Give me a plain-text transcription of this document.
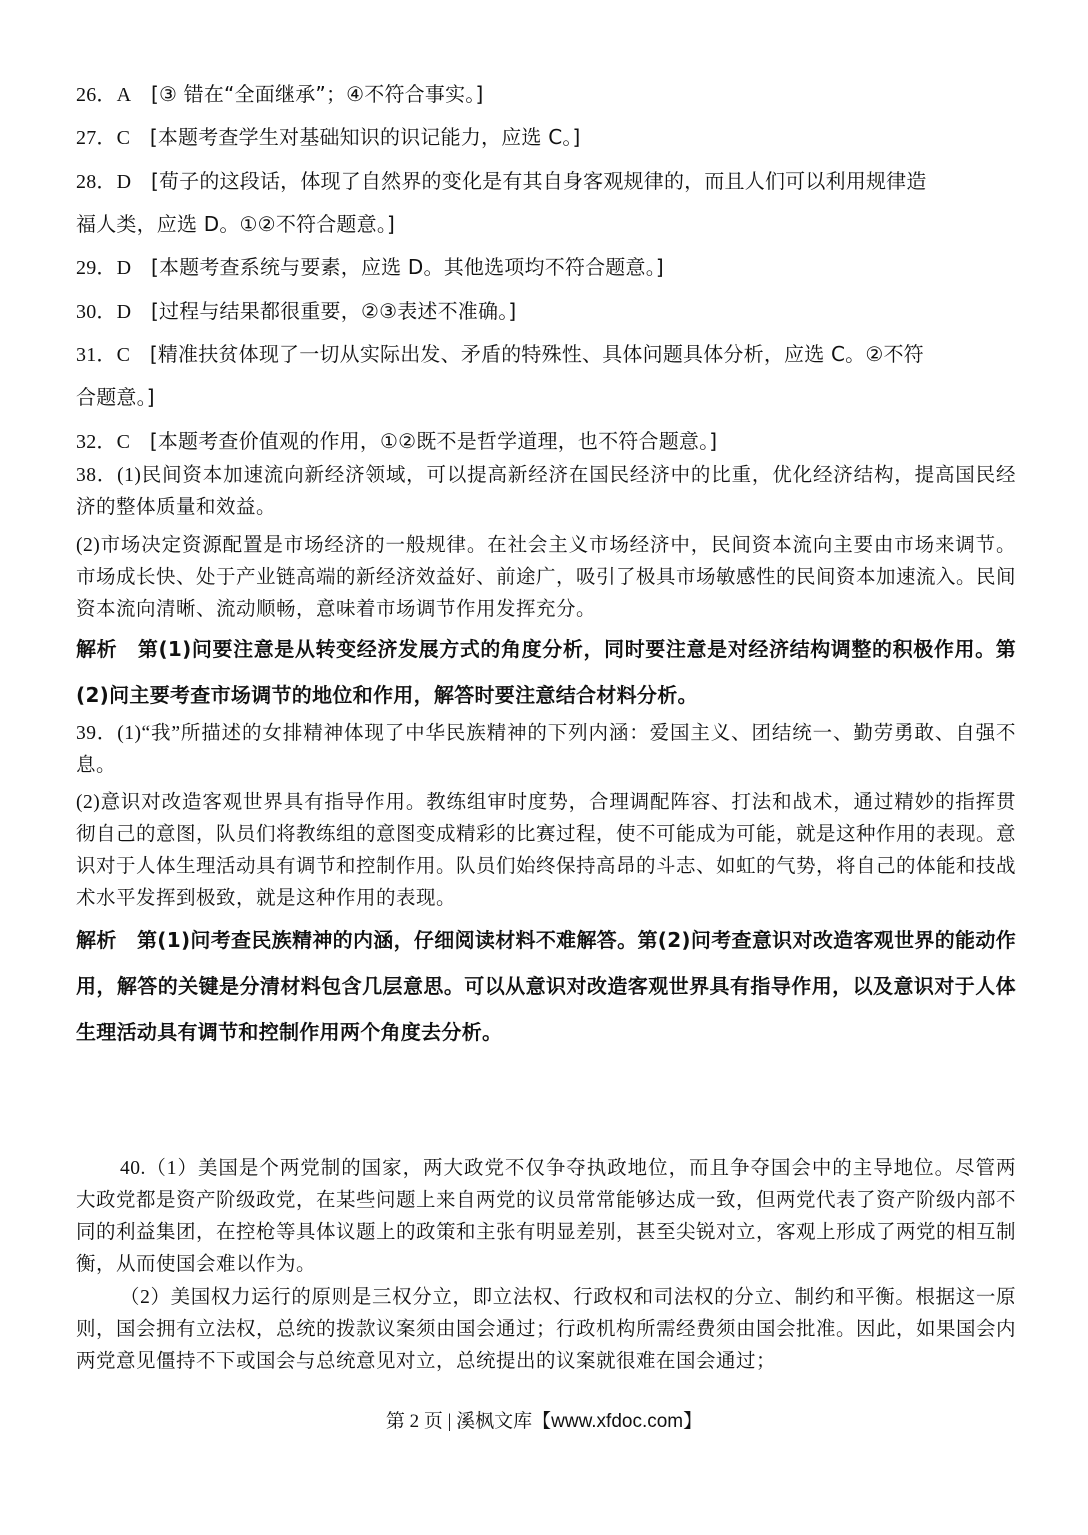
26．A [③ 错在“全面继承”；④不符合事实。]
27．C [本题考查学生对基础知识的识记能力，应选 C。]
28．D [荀子的这段话，体现了自然界的变化是有其自身客观规律的，而且人们可以利用规律造
福人类，应选 D。①②不符合题意。]
29．D [本题考查系统与要素，应选 D。其他选项均不符合题意。]
30．D [过程与结果都很重要，②③表述不准确。]
31．C [精准扶贫体现了一切从实际出发、矛盾的特殊性、具体问题具体分析，应选 C。②不符
合题意。]
32．C [本题考查价值观的作用，①②既不是哲学道理，也不符合题意。]
38．(1)民间资本加速流向新经济领域，可以提高新经济在国民经济中的比重，优化经济结构，提高国民经济的整体质量和效益。
(2)市场决定资源配置是市场经济的一般规律。在社会主义市场经济中，民间资本流向主要由市场来调节。市场成长快、处于产业链高端的新经济效益好、前途广，吸引了极具市场敏感性的民间资本加速流入。民间资本流向清晰、流动顺畅，意味着市场调节作用发挥充分。
解析　第(1)问要注意是从转变经济发展方式的角度分析，同时要注意是对经济结构调整的积极作用。第(2)问主要考查市场调节的地位和作用，解答时要注意结合材料分析。
39．(1)“我”所描述的女排精神体现了中华民族精神的下列内涵：爱国主义、团结统一、勤劳勇敢、自强不息。
(2)意识对改造客观世界具有指导作用。教练组审时度势，合理调配阵容、打法和战术，通过精妙的指挥贯彻自己的意图，队员们将教练组的意图变成精彩的比赛过程，使不可能成为可能，就是这种作用的表现。意识对于人体生理活动具有调节和控制作用。队员们始终保持高昂的斗志、如虹的气势，将自己的体能和技战术水平发挥到极致，就是这种作用的表现。
解析　第(1)问考查民族精神的内涵，仔细阅读材料不难解答。第(2)问考查意识对改造客观世界的能动作用，解答的关键是分清材料包含几层意思。可以从意识对改造客观世界具有指导作用，以及意识对于人体生理活动具有调节和控制作用两个角度去分析。
40.（1）美国是个两党制的国家，两大政党不仅争夺执政地位，而且争夺国会中的主导地位。尽管两大政党都是资产阶级政党，在某些问题上来自两党的议员常常能够达成一致，但两党代表了资产阶级内部不同的利益集团，在控枪等具体议题上的政策和主张有明显差别，甚至尖锐对立，客观上形成了两党的相互制衡，从而使国会难以作为。
（2）美国权力运行的原则是三权分立，即立法权、行政权和司法权的分立、制约和平衡。根据这一原则，国会拥有立法权，总统的拨款议案须由国会通过；行政机构所需经费须由国会批准。因此，如果国会内两党意见僵持不下或国会与总统意见对立，总统提出的议案就很难在国会通过；
第 2 页 | 溪枫文库【www.xfdoc.com】
